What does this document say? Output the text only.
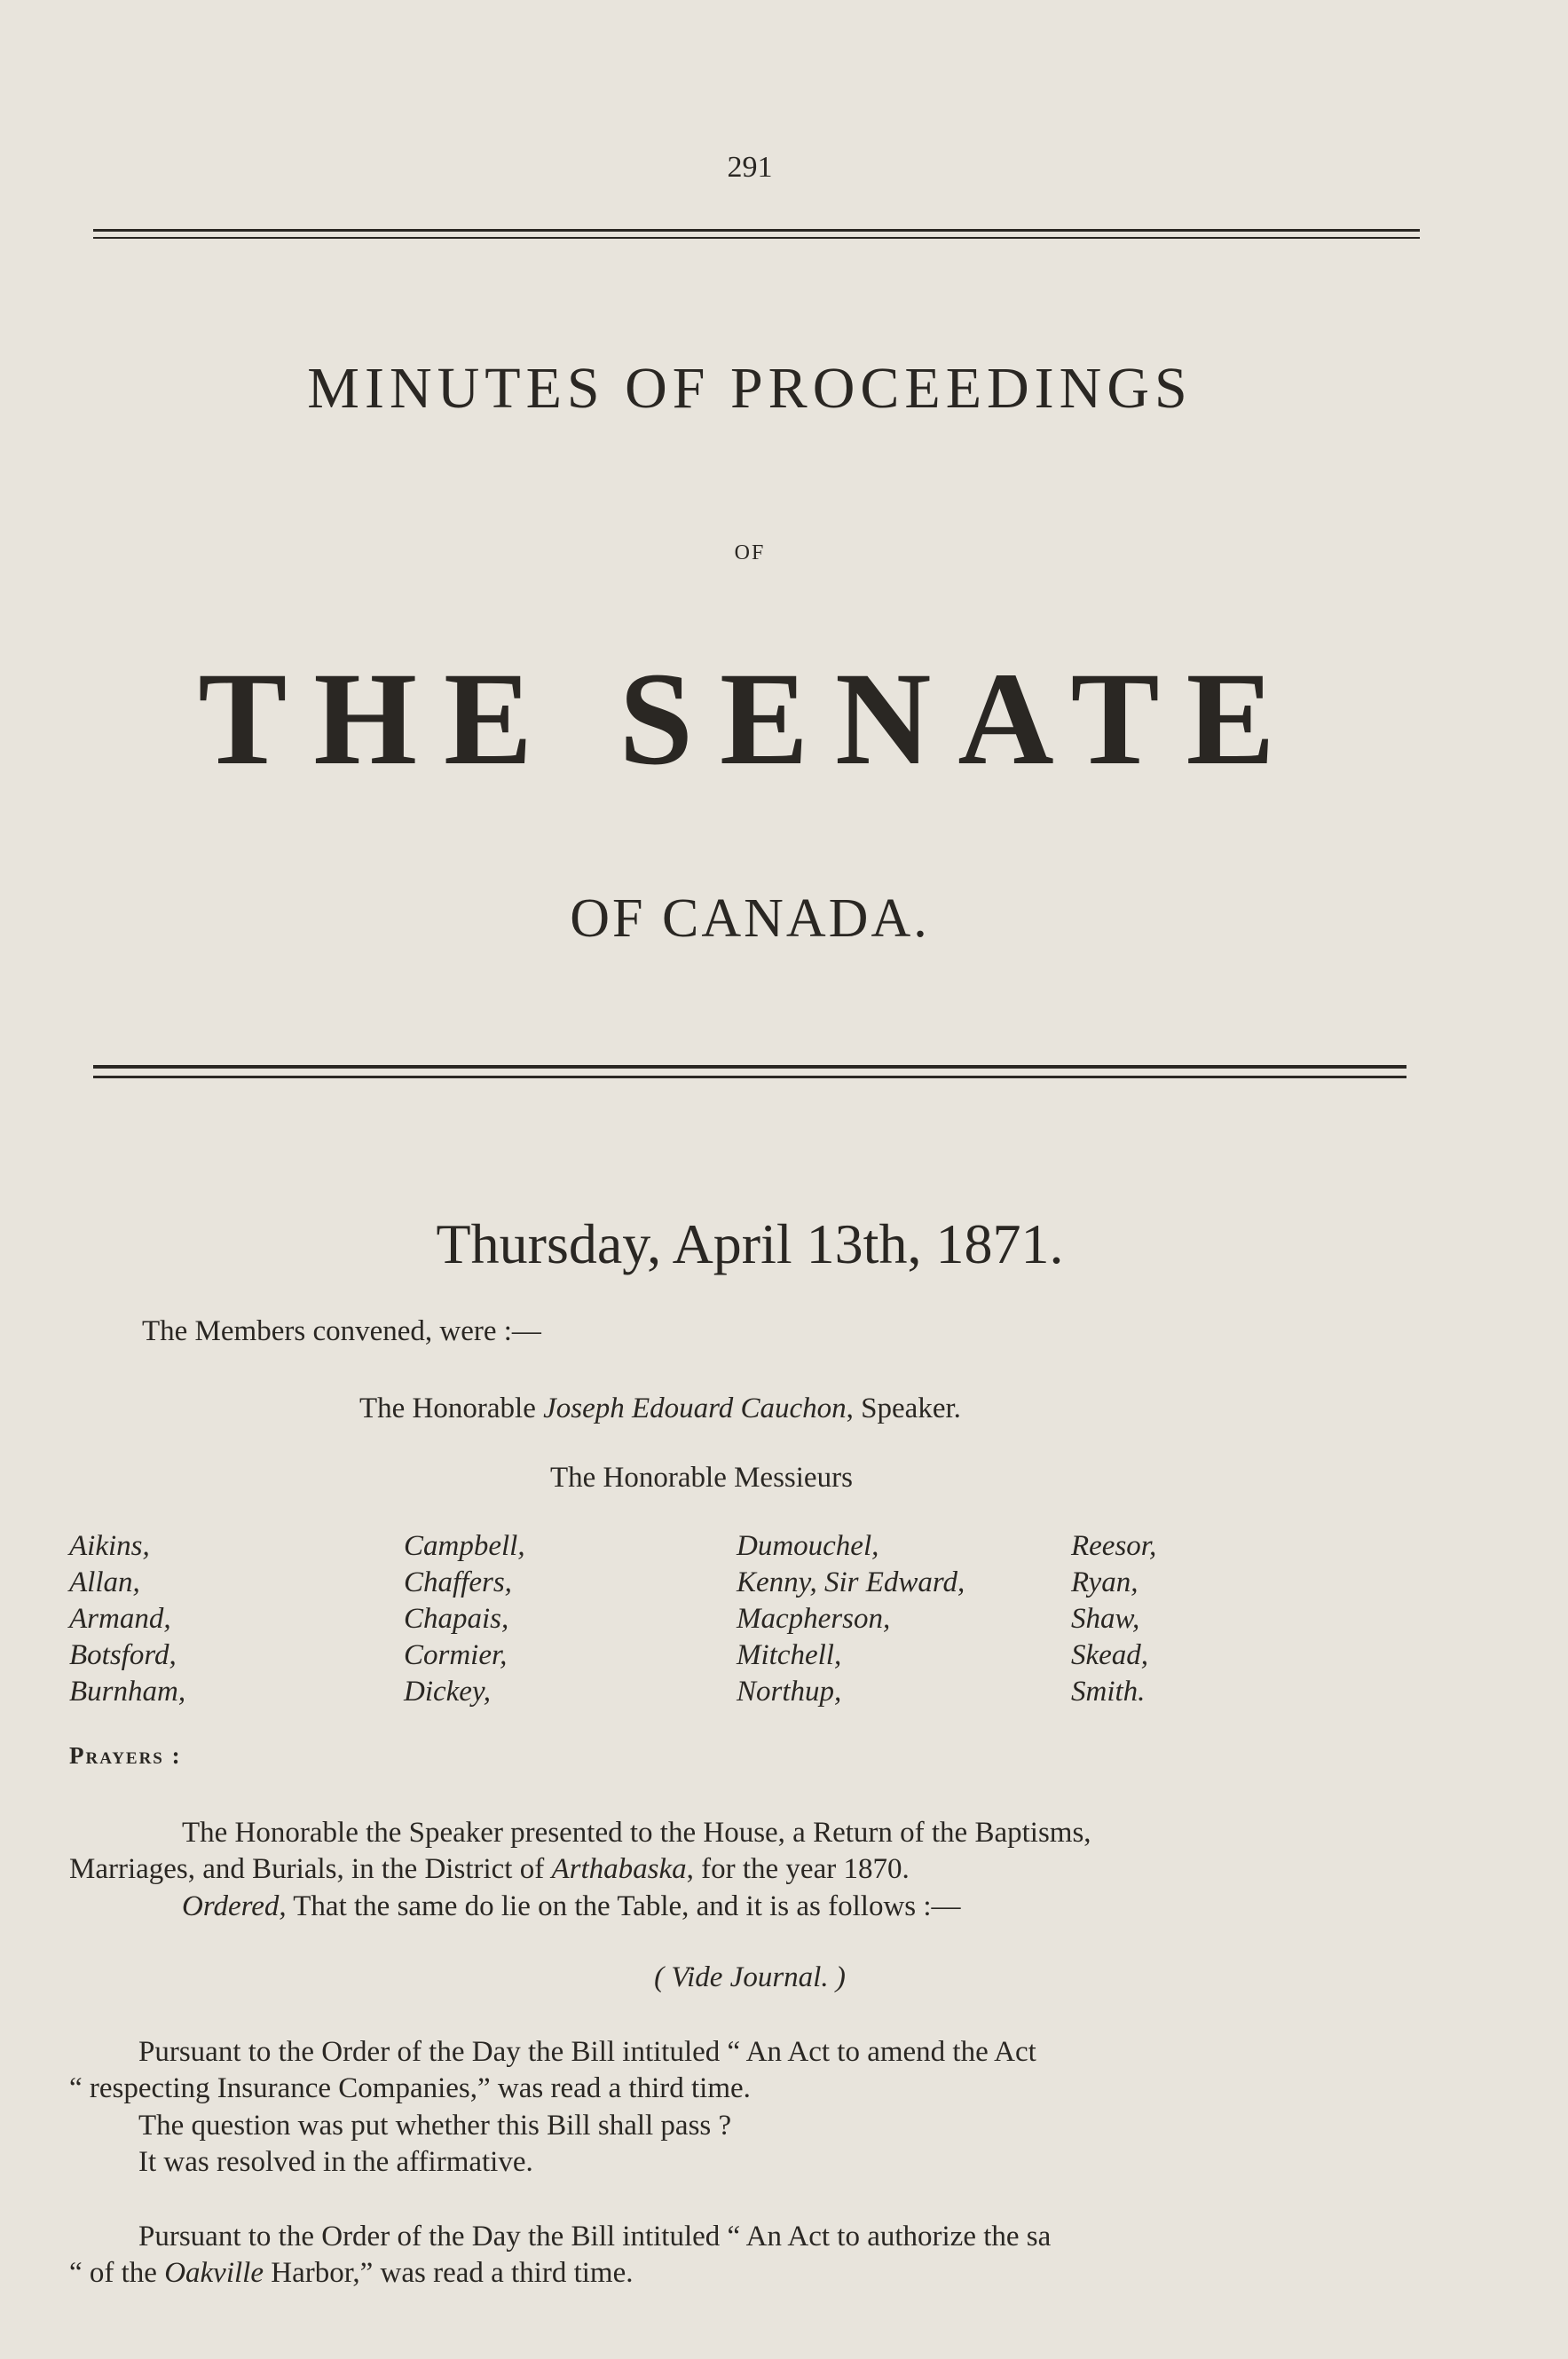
291
MINUTES OF PROCEEDINGS
OF
THE SENATE
OF CANADA.
Thursday, April 13th, 1871.
The Members convened, were :—
The Honorable Joseph Edouard Cauchon, Speaker.
The Honorable Messieurs
Aikins,
Allan,
Armand,
Botsford,
Burnham,
Campbell,
Chaffers,
Chapais,
Cormier,
Dickey,
Dumouchel,
Kenny, Sir Edward,
Macpherson,
Mitchell,
Northup,
Reesor,
Ryan,
Shaw,
Skead,
Smith.
Prayers :
The Honorable the Speaker presented to the House, a Return of the Baptisms,
Marriages, and Burials, in the District of Arthabaska, for the year 1870.
Ordered, That the same do lie on the Table, and it is as follows :—
( Vide Journal. )
Pursuant to the Order of the Day the Bill intituled “ An Act to amend the Act
“ respecting Insurance Companies,” was read a third time.
The question was put whether this Bill shall pass ?
It was resolved in the affirmative.
Pursuant to the Order of the Day the Bill intituled “ An Act to authorize the sa
“ of the Oakville Harbor,” was read a third time.
